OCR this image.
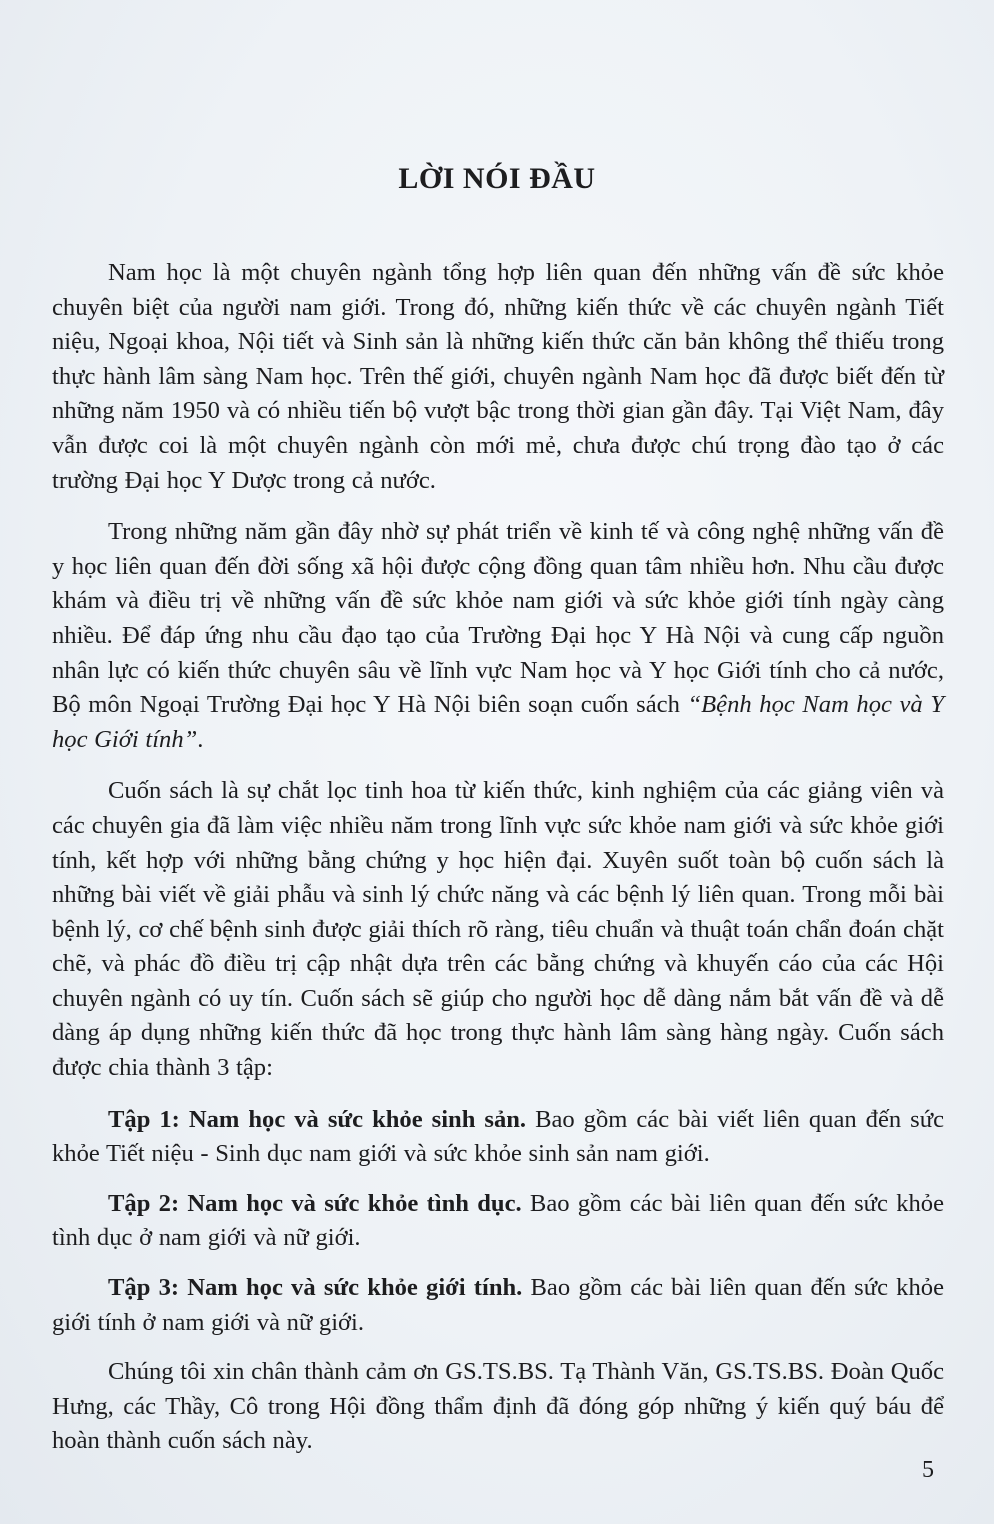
LỜI NÓI ĐẦU

Nam học là một chuyên ngành tổng hợp liên quan đến những vấn đề sức khỏe chuyên biệt của người nam giới. Trong đó, những kiến thức về các chuyên ngành Tiết niệu, Ngoại khoa, Nội tiết và Sinh sản là những kiến thức căn bản không thể thiếu trong thực hành lâm sàng Nam học. Trên thế giới, chuyên ngành Nam học đã được biết đến từ những năm 1950 và có nhiều tiến bộ vượt bậc trong thời gian gần đây. Tại Việt Nam, đây vẫn được coi là một chuyên ngành còn mới mẻ, chưa được chú trọng đào tạo ở các trường Đại học Y Dược trong cả nước.

Trong những năm gần đây nhờ sự phát triển về kinh tế và công nghệ những vấn đề y học liên quan đến đời sống xã hội được cộng đồng quan tâm nhiều hơn. Nhu cầu được khám và điều trị về những vấn đề sức khỏe nam giới và sức khỏe giới tính ngày càng nhiều. Để đáp ứng nhu cầu đạo tạo của Trường Đại học Y Hà Nội và cung cấp nguồn nhân lực có kiến thức chuyên sâu về lĩnh vực Nam học và Y học Giới tính cho cả nước, Bộ môn Ngoại Trường Đại học Y Hà Nội biên soạn cuốn sách “Bệnh học Nam học và Y học Giới tính”.

Cuốn sách là sự chắt lọc tinh hoa từ kiến thức, kinh nghiệm của các giảng viên và các chuyên gia đã làm việc nhiều năm trong lĩnh vực sức khỏe nam giới và sức khỏe giới tính, kết hợp với những bằng chứng y học hiện đại. Xuyên suốt toàn bộ cuốn sách là những bài viết về giải phẫu và sinh lý chức năng và các bệnh lý liên quan. Trong mỗi bài bệnh lý, cơ chế bệnh sinh được giải thích rõ ràng, tiêu chuẩn và thuật toán chẩn đoán chặt chẽ, và phác đồ điều trị cập nhật dựa trên các bằng chứng và khuyến cáo của các Hội chuyên ngành có uy tín. Cuốn sách sẽ giúp cho người học dễ dàng nắm bắt vấn đề và dễ dàng áp dụng những kiến thức đã học trong thực hành lâm sàng hàng ngày. Cuốn sách được chia thành 3 tập:

Tập 1: Nam học và sức khỏe sinh sản. Bao gồm các bài viết liên quan đến sức khỏe Tiết niệu - Sinh dục nam giới và sức khỏe sinh sản nam giới.

Tập 2: Nam học và sức khỏe tình dục. Bao gồm các bài liên quan đến sức khỏe tình dục ở nam giới và nữ giới.

Tập 3: Nam học và sức khỏe giới tính. Bao gồm các bài liên quan đến sức khỏe giới tính ở nam giới và nữ giới.

Chúng tôi xin chân thành cảm ơn GS.TS.BS. Tạ Thành Văn, GS.TS.BS. Đoàn Quốc Hưng, các Thầy, Cô trong Hội đồng thẩm định đã đóng góp những ý kiến quý báu để hoàn thành cuốn sách này.

5
